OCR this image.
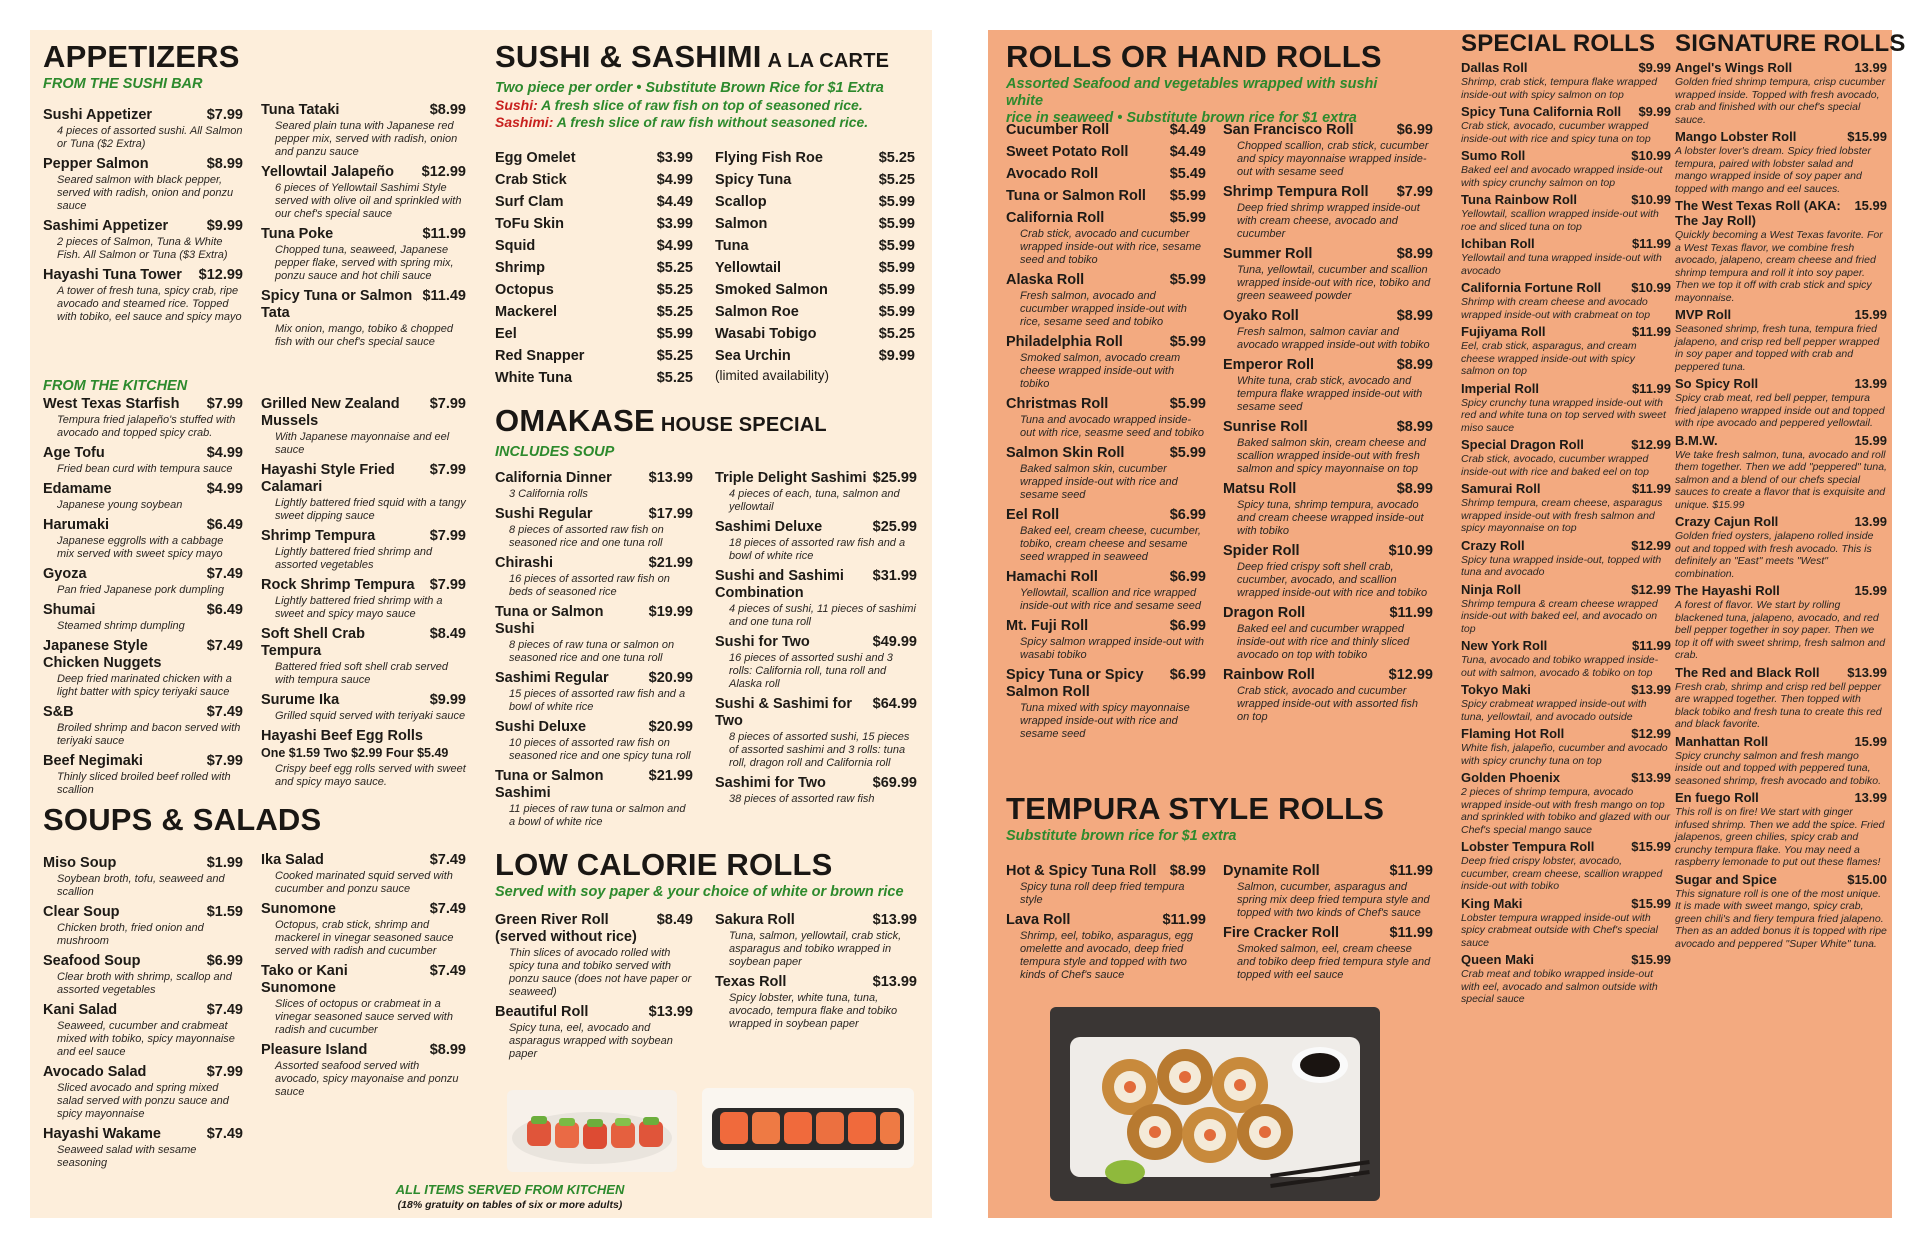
APPETIZERS
FROM THE SUSHI BAR
Sushi Appetizer	$7.99
4 pieces of assorted sushi. All Salmon or Tuna ($2 Extra)
Pepper Salmon	$8.99
Seared salmon with black pepper, served with radish, onion and ponzu sauce
Sashimi Appetizer	$9.99
2 pieces of Salmon, Tuna & White Fish. All Salmon or Tuna ($3 Extra)
Hayashi Tuna Tower	$12.99
A tower of fresh tuna, spicy crab, ripe avocado and steamed rice. Topped with tobiko, eel sauce and spicy mayo
Tuna Tataki	$8.99
Seared plain tuna with Japanese red pepper mix, served with radish, onion and panzu sauce
Yellowtail Jalapeño	$12.99
6 pieces of Yellowtail Sashimi Style served with olive oil and sprinkled with our chef's special sauce
Tuna Poke	$11.99
Chopped tuna, seaweed, Japanese pepper flake, served with spring mix, ponzu sauce and hot chili sauce
Spicy Tuna or Salmon Tata
$11.49
Mix onion, mango, tobiko & chopped fish with our chef's special sauce
FROM THE KITCHEN
West Texas Starfish	$7.99
Tempura fried jalapeño's stuffed with avocado and topped spicy crab.
Age Tofu	$4.99
Fried bean curd with tempura sauce
Edamame	$4.99
Japanese young soybean
Harumaki	$6.49
Japanese eggrolls with a cabbage mix served with sweet spicy mayo
Gyoza	$7.49
Pan fried Japanese pork dumpling
Shumai	$6.49
Steamed shrimp dumpling
Japanese Style Chicken Nuggets
$7.49
Deep fried marinated chicken with a light batter with spicy teriyaki sauce
S&B	$7.49
Broiled shrimp and bacon served with teriyaki sauce
Beef Negimaki	$7.99
Thinly sliced broiled beef rolled with scallion
Grilled New Zealand Mussels
$7.99
With Japanese mayonnaise and eel sauce
Hayashi Style Fried Calamari
$7.99
Lightly battered fried squid with a tangy sweet dipping sauce
Shrimp Tempura	$7.99
Lightly battered fried shrimp and assorted vegetables
Rock Shrimp Tempura	$7.99
Lightly battered fried shrimp with a sweet and spicy mayo sauce
Soft Shell Crab Tempura
$8.49
Battered fried soft shell crab served with tempura sauce
Surume Ika	$9.99
Grilled squid served with teriyaki sauce
Hayashi Beef Egg Rolls
One $1.59 Two $2.99 Four $5.49
Crispy beef egg rolls served with sweet and spicy mayo sauce.
SOUPS & SALADS
Miso Soup	$1.99
Soybean broth, tofu, seaweed and scallion
Clear Soup	$1.59
Chicken broth, fried onion and mushroom
Seafood Soup	$6.99
Clear broth with shrimp, scallop and assorted vegetables
Kani Salad	$7.49
Seaweed, cucumber and crabmeat mixed with tobiko, spicy mayonnaise and eel sauce
Avocado Salad	$7.99
Sliced avocado and spring mixed salad served with ponzu sauce and spicy mayonnaise
Hayashi Wakame	$7.49
Seaweed salad with sesame seasoning
Ika Salad	$7.49
Cooked marinated squid served with cucumber and ponzu sauce
Sunomone	$7.49
Octopus, crab stick, shrimp and mackerel in vinegar seasoned sauce served with radish and cucumber
Tako or Kani Sunomone
$7.49
Slices of octopus or crabmeat in a vinegar seasoned sauce served with radish and cucumber
Pleasure Island	$8.99
Assorted seafood served with avocado, spicy mayonaise and ponzu sauce
SUSHI & SASHIMI A LA CARTE
Two piece per order • Substitute Brown Rice for $1 Extra
Sushi: A fresh slice of raw fish on top of seasoned rice.
Sashimi: A fresh slice of raw fish without seasoned rice.
Egg Omelet	$3.99
Crab Stick	$4.99
Surf Clam	$4.49
ToFu Skin	$3.99
Squid	$4.99
Shrimp	$5.25
Octopus	$5.25
Mackerel	$5.25
Eel	$5.99
Red Snapper	$5.25
White Tuna	$5.25
Flying Fish Roe	$5.25
Spicy Tuna	$5.25
Scallop	$5.99
Salmon	$5.99
Tuna	$5.99
Yellowtail	$5.99
Smoked Salmon	$5.99
Salmon Roe	$5.99
Wasabi Tobigo	$5.25
Sea Urchin	$9.99
(limited availability)
OMAKASE HOUSE SPECIAL
INCLUDES SOUP
California Dinner	$13.99
3 California rolls
Sushi Regular	$17.99
8 pieces of assorted raw fish on seasoned rice and one tuna roll
Chirashi	$21.99
16 pieces of assorted raw fish on beds of seasoned rice
Tuna or Salmon Sushi
$19.99
8 pieces of raw tuna or salmon on seasoned rice and one tuna roll
Sashimi Regular	$20.99
15 pieces of assorted raw fish and a bowl of white rice
Sushi Deluxe	$20.99
10 pieces of assorted raw fish on seasoned rice and one spicy tuna roll
Tuna or Salmon Sashimi
$21.99
11 pieces of raw tuna or salmon and a bowl of white rice
Triple Delight Sashimi $25.99
4 pieces of each, tuna, salmon and yellowtail
Sashimi Deluxe	$25.99
18 pieces of assorted raw fish and a bowl of white rice
Sushi and Sashimi Combination
$31.99
4 pieces of sushi, 11 pieces of sashimi and one tuna roll
Sushi for Two	$49.99
16 pieces of assorted sushi and 3 rolls: California roll, tuna roll and Alaska roll
Sushi & Sashimi for Two
$64.99
8 pieces of assorted sushi, 15 pieces of assorted sashimi and 3 rolls: tuna roll, dragon roll and California roll
Sashimi for Two	$69.99
38 pieces of assorted raw fish
LOW CALORIE ROLLS
Served with soy paper & your choice of white or brown rice
Green River Roll	$8.49
(served without rice)
Thin slices of avocado rolled with spicy tuna and tobiko served with ponzu sauce (does not have paper or seaweed)
Beautiful Roll	$13.99
Spicy tuna, eel, avocado and asparagus wrapped with soybean paper
Sakura Roll	$13.99
Tuna, salmon, yellowtail, crab stick, asparagus and tobiko wrapped in soybean paper
Texas Roll	$13.99
Spicy lobster, white tuna, tuna, avocado, tempura flake and tobiko wrapped in soybean paper
ALL ITEMS SERVED FROM KITCHEN
(18% gratuity on tables of six or more adults)
ROLLS OR HAND ROLLS
Assorted Seafood and vegetables wrapped with sushi white
rice in seaweed • Substitute brown rice for $1 extra
Cucumber Roll	$4.49
Sweet Potato Roll	$4.49
Avocado Roll	$5.49
Tuna or Salmon Roll	$5.99
California Roll	$5.99
Crab stick, avocado and cucumber wrapped inside-out with rice, sesame seed and tobiko
Alaska Roll	$5.99
Fresh salmon, avocado and cucumber wrapped inside-out with rice, sesame seed and tobiko
Philadelphia Roll	$5.99
Smoked salmon, avocado cream cheese wrapped inside-out with tobiko
Christmas Roll	$5.99
Tuna and avocado wrapped inside-out with rice, seasme seed and tobiko
Salmon Skin Roll	$5.99
Baked salmon skin, cucumber wrapped inside-out with rice and sesame seed
Eel Roll	$6.99
Baked eel, cream cheese, cucumber, tobiko, cream cheese and sesame seed wrapped in seaweed
Hamachi Roll	$6.99
Yellowtail, scallion and rice wrapped inside-out with rice and sesame seed
Mt. Fuji Roll	$6.99
Spicy salmon wrapped inside-out with wasabi tobiko
Spicy Tuna or Spicy Salmon Roll
$6.99
Tuna mixed with spicy mayonnaise wrapped inside-out with rice and sesame seed
San Francisco Roll	$6.99
Chopped scallion, crab stick, cucumber and spicy mayonnaise wrapped inside-out with sesame seed
Shrimp Tempura Roll	$7.99
Deep fried shrimp wrapped inside-out with cream cheese, avocado and cucumber
Summer Roll	$8.99
Tuna, yellowtail, cucumber and scallion wrapped inside-out with rice, tobiko and green seaweed powder
Oyako Roll	$8.99
Fresh salmon, salmon caviar and avocado wrapped inside-out with tobiko
Emperor Roll	$8.99
White tuna, crab stick, avocado and tempura flake wrapped inside-out with sesame seed
Sunrise Roll	$8.99
Baked salmon skin, cream cheese and scallion wrapped inside-out with fresh salmon and spicy mayonnaise on top
Matsu Roll	$8.99
Spicy tuna, shrimp tempura, avocado and cream cheese wrapped inside-out with tobiko
Spider Roll	$10.99
Deep fried crispy soft shell crab, cucumber, avocado, and scallion wrapped inside-out with rice and tobiko
Dragon Roll	$11.99
Baked eel and cucumber wrapped inside-out with rice and thinly sliced avocado on top with tobiko
Rainbow Roll	$12.99
Crab stick, avocado and cucumber wrapped inside-out with assorted fish on top
TEMPURA STYLE ROLLS
Substitute brown rice for $1 extra
Hot & Spicy Tuna Roll $8.99
Spicy tuna roll deep fried tempura style
Lava Roll	$11.99
Shrimp, eel, tobiko, asparagus, egg omelette and avocado, deep fried tempura style and topped with two kinds of Chef's sauce
Dynamite Roll	$11.99
Salmon, cucumber, asparagus and spring mix deep fried tempura style and topped with two kinds of Chef's sauce
Fire Cracker Roll	$11.99
Smoked salmon, eel, cream cheese and tobiko deep fried tempura style and topped with eel sauce
SPECIAL ROLLS
Dallas Roll	$9.99
Shrimp, crab stick, tempura flake wrapped inside-out with spicy salmon on top
Spicy Tuna California Roll	$9.99
Crab stick, avocado, cucumber wrapped inside-out with rice and spicy tuna on top
Sumo Roll	$10.99
Baked eel and avocado wrapped inside-out with spicy crunchy salmon on top
Tuna Rainbow Roll	$10.99
Yellowtail, scallion wrapped inside-out with roe and sliced tuna on top
Ichiban Roll	$11.99
Yellowtail and tuna wrapped inside-out with avocado
California Fortune Roll	$10.99
Shrimp with cream cheese and avocado wrapped inside-out with crabmeat on top
Fujiyama Roll	$11.99
Eel, crab stick, asparagus, and cream cheese wrapped inside-out with spicy salmon on top
Imperial Roll	$11.99
Spicy crunchy tuna wrapped inside-out with red and white tuna on top served with sweet miso sauce
Special Dragon Roll	$12.99
Crab stick, avocado, cucumber wrapped inside-out with rice and baked eel on top
Samurai Roll	$11.99
Shrimp tempura, cream cheese, asparagus wrapped inside-out with fresh salmon and spicy mayonnaise on top
Crazy Roll	$12.99
Spicy tuna wrapped inside-out, topped with tuna and avocado
Ninja Roll	$12.99
Shrimp tempura & cream cheese wrapped inside-out with baked eel, and avocado on top
New York Roll	$11.99
Tuna, avocado and tobiko wrapped inside-out with salmon, avocado & tobiko on top
Tokyo Maki	$13.99
Spicy crabmeat wrapped inside-out with tuna, yellowtail, and avocado outside
Flaming Hot Roll	$12.99
White fish, jalapeño, cucumber and avocado with spicy crunchy tuna on top
Golden Phoenix	$13.99
2 pieces of shrimp tempura, avocado wrapped inside-out with fresh mango on top and sprinkled with tobiko and glazed with our Chef's special mango sauce
Lobster Tempura Roll	$15.99
Deep fried crispy lobster, avocado, cucumber, cream cheese, scallion wrapped inside-out with tobiko
King Maki	$15.99
Lobster tempura wrapped inside-out with spicy crabmeat outside with Chef's special sauce
Queen Maki	$15.99
Crab meat and tobiko wrapped inside-out with eel, avocado and salmon outside with special sauce
SIGNATURE ROLLS
Angel's Wings Roll	13.99
Golden fried shrimp tempura, crisp cucumber wrapped inside. Topped with fresh avocado, crab and finished with our chef's special sauce.
Mango Lobster Roll	$15.99
A lobster lover's dream. Spicy fried lobster tempura, paired with lobster salad and mango wrapped inside of soy paper and topped with mango and eel sauces.
The West Texas Roll (AKA: The Jay Roll)
15.99
Quickly becoming a West Texas favorite. For a West Texas flavor, we combine fresh avocado, jalapeno, cream cheese and fried shrimp tempura and roll it into soy paper. Then we top it off with crab stick and spicy mayonnaise.
MVP Roll	15.99
Seasoned shrimp, fresh tuna, tempura fried jalapeno, and crisp red bell pepper wrapped in soy paper and topped with crab and peppered tuna.
So Spicy Roll	13.99
Spicy crab meat, red bell pepper, tempura fried jalapeno wrapped inside out and topped with ripe avocado and peppered yellowtail.
B.M.W.	15.99
We take fresh salmon, tuna, avocado and roll them together. Then we add "peppered" tuna, salmon and a blend of our chefs special sauces to create a flavor that is exquisite and unique. $15.99
Crazy Cajun Roll	13.99
Golden fried oysters, jalapeno rolled inside out and topped with fresh avocado. This is definitely an "East" meets "West" combination.
The Hayashi Roll	15.99
A forest of flavor. We start by rolling blackened tuna, jalapeno, avocado, and red bell pepper together in soy paper. Then we top it off with sweet shrimp, fresh salmon and crab.
The Red and Black Roll	$13.99
Fresh crab, shrimp and crisp red bell pepper are wrapped together. Then topped with black tobiko and fresh tuna to create this red and black favorite.
Manhattan Roll	15.99
Spicy crunchy salmon and fresh mango inside out and topped with peppered tuna, seasoned shrimp, fresh avocado and tobiko.
En fuego Roll	13.99
This roll is on fire! We start with ginger infused shrimp. Then we add the spice. Fried jalapenos, green chilies, spicy crab and crunchy tempura flake. You may need a raspberry lemonade to put out these flames!
Sugar and Spice	$15.00
This signature roll is one of the most unique. It is made with sweet mango, spicy crab, green chili's and fiery tempura fried jalapeno. Then as an added bonus it is topped with ripe avocado and peppered "Super White" tuna.
